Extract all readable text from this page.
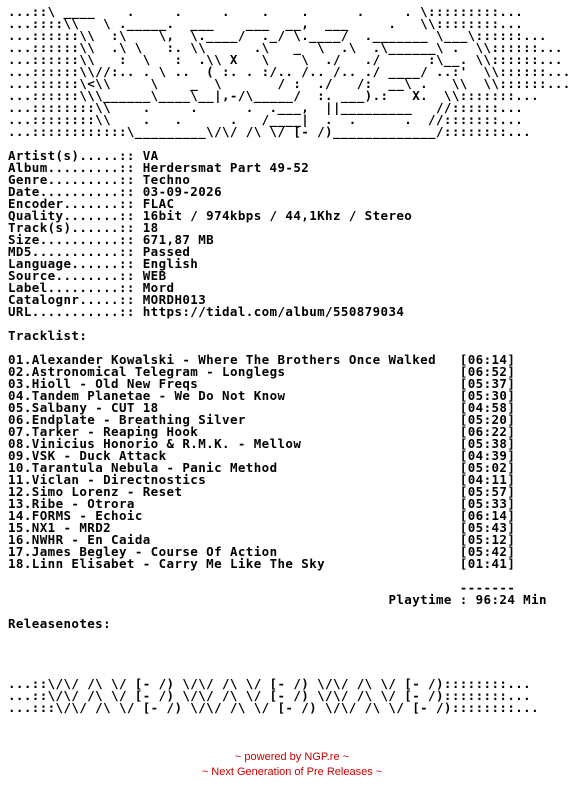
...::\ ____    .     .     .    .    .      .     . \:::::::::...
...::::\\   \ ._____.  ___    ___  __,  ___     .   \\::::::::...
...::::::\\  :\    \,  \.____/  ._/ \.____/  ._______ \___\::::::...
...::::::\\  .\ \   :. \\      .\   _  \  .\  .\______\ .  \\::::::...
...::::::\\   :  \   :  .\\ X   \    \  ./   ./      :\__. \\::::::...
...::::::\\//:.. . \ ..  ( :. . :/.. /.. /.. ./ ____/ ..:'  \\::::::...
...::::::\<\\     \    _  \       / :  ./   /:  __\ .   \\  \\::::::...
...::::::\\\______\____\__|,-/\_____/  :. ___).:   X.  \\:::::::...
...::::::::\\    .     .      .  .___,  ||_________   //::::::...
...::::::::\\    .   .      .   /____|  .  .      .  //:::::::...
...::::::::::::\_________\/\/ /\ \/ [- /)_____________/::::::::...

Artist(s).....:: VA
Album.........:: Herdersmat Part 49-52
Genre.........:: Techno
Date..........:: 03-09-2026
Encoder.......:: FLAC
Quality.......:: 16bit / 974kbps / 44,1Khz / Stereo
Track(s)......:: 18
Size..........:: 671,87 MB
MD5...........:: Passed
Language......:: English
Source........:: WEB
Label.........:: Mord
Catalognr.....:: MORDH013
URL...........:: https://tidal.com/album/550879034

Tracklist:

01.Alexander Kowalski - Where The Brothers Once Walked   [06:14]
02.Astronomical Telegram - Longlegs                      [06:52]
03.Hioll - Old New Freqs                                 [05:37]
04.Tandem Planetae - We Do Not Know                      [05:30]
05.Salbany - CUT 18                                      [04:58]
06.Endplate - Breathing Silver                           [05:20]
07.Tarker - Reaping Hook                                 [06:22]
08.Vinicius Honorio & R.M.K. - Mellow                    [05:38]
09.VSK - Duck Attack                                     [04:39]
10.Tarantula Nebula - Panic Method                       [05:02]
11.Viclan - Directnostics                                [04:11]
12.Simo Lorenz - Reset                                   [05:57]
13.Ribe - Otrora                                         [05:33]
14.FORMS - Echoic                                        [06:14]
15.NX1 - MRD2                                            [05:43]
16.NWHR - En Caida                                       [05:12]
17.James Begley - Course Of Action                       [05:42]
18.Linn Elisabet - Carry Me Like The Sky                 [01:41]

-------
Playtime : 96:24 Min

Releasenotes:

...::\/\/ /\ \/ [- /) \/\/ /\ \/ [- /) \/\/ /\ \/ [- /)::::::::...
...::\/\/ /\ \/ [- /) \/\/ /\ \/ [- /) \/\/ /\ \/ [- /)::::::::...
...:::\/\/ /\ \/ [- /) \/\/ /\ \/ [- /) \/\/ /\ \/ [- /)::::::::...
~ powered by NGP.re ~
~ Next Generation of Pre Releases ~
